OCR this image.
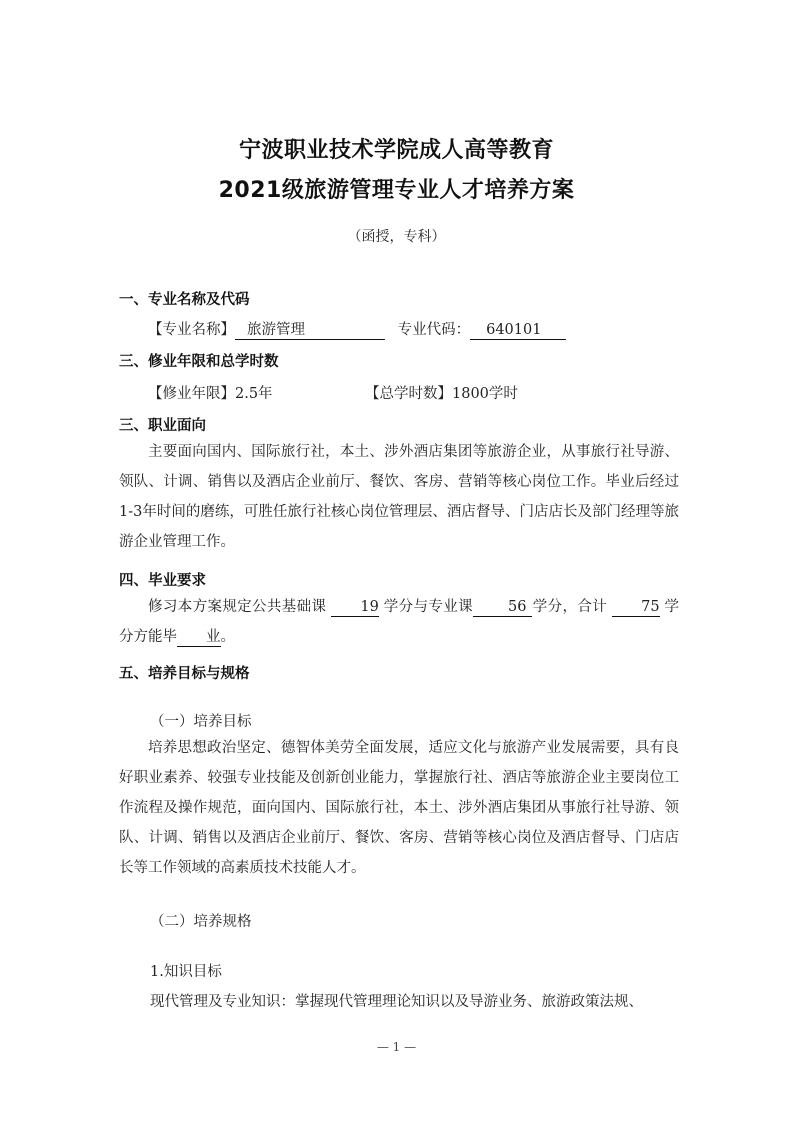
宁波职业技术学院成人高等教育
2021级旅游管理专业人才培养方案
（函授，专科）
一、专业名称及代码
【专业名称】 旅游管理	专业代码： 640101
三、修业年限和总学时数
【修业年限】2.5年	【总学时数】1800学时
三、职业面向
主要面向国内、国际旅行社，本土、涉外酒店集团等旅游企业，从事旅行社导游、领队、计调、销售以及酒店企业前厅、餐饮、客房、营销等核心岗位工作。毕业后经过1-3年时间的磨练，可胜任旅行社核心岗位管理层、酒店督导、门店店长及部门经理等旅游企业管理工作。
四、毕业要求
修习本方案规定公共基础课 19 学分与专业课 56 学分，合计 75 学分方能毕 业。
五、培养目标与规格
（一）培养目标
培养思想政治坚定、德智体美劳全面发展，适应文化与旅游产业发展需要，具有良好职业素养、较强专业技能及创新创业能力，掌握旅行社、酒店等旅游企业主要岗位工作流程及操作规范，面向国内、国际旅行社，本土、涉外酒店集团从事旅行社导游、领队、计调、销售以及酒店企业前厅、餐饮、客房、营销等核心岗位及酒店督导、门店店长等工作领域的高素质技术技能人才。
（二）培养规格
1.知识目标
现代管理及专业知识：掌握现代管理理论知识以及导游业务、旅游政策法规、
— 1 —
